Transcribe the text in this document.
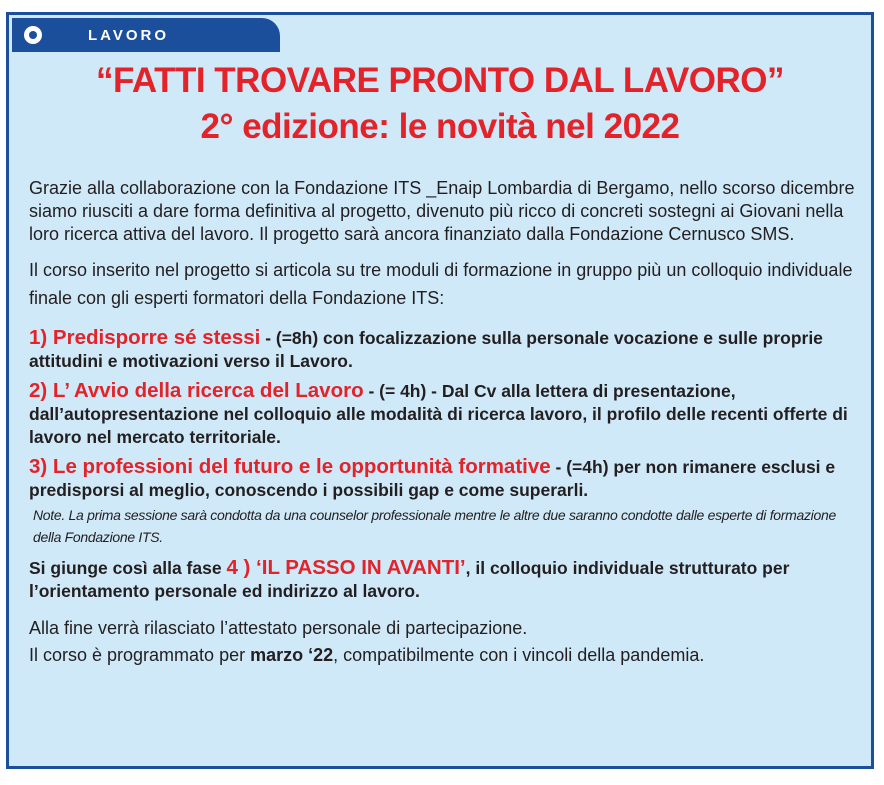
LAVORO
“FATTI TROVARE PRONTO DAL LAVORO”
2° edizione: le novità nel 2022

Grazie alla collaborazione con la Fondazione ITS _Enaip Lombardia di Bergamo, nello scorso dicembre siamo riusciti a dare forma definitiva al progetto, divenuto più ricco di concreti sostegni ai Giovani nella loro ricerca attiva del lavoro. Il progetto sarà ancora finanziato dalla Fondazione Cernusco SMS.

Il corso inserito nel progetto si articola su tre moduli di formazione in gruppo più un colloquio individuale finale con gli esperti formatori della Fondazione ITS:

1) Predisporre sé stessi - (=8h) con focalizzazione sulla personale vocazione e sulle proprie attitudini e motivazioni verso il Lavoro.

2) L’ Avvio della ricerca del Lavoro - (= 4h) - Dal Cv alla lettera di presentazione, dall’autopresentazione nel colloquio alle modalità di ricerca lavoro, il profilo delle recenti offerte di lavoro nel mercato territoriale.

3) Le professioni del futuro e le opportunità formative - (=4h) per non rimanere esclusi e predisporsi al meglio, conoscendo i possibili gap e come superarli.

Note. La prima sessione sarà condotta da una counselor professionale mentre le altre due saranno condotte dalle esperte di formazione della Fondazione ITS.

Si giunge così alla fase 4 ) ‘IL PASSO IN AVANTI’, il colloquio individuale strutturato per l’orientamento personale ed indirizzo al lavoro.

Alla fine verrà rilasciato l’attestato personale di partecipazione.
Il corso è programmato per marzo ‘22, compatibilmente con i vincoli della pandemia.
